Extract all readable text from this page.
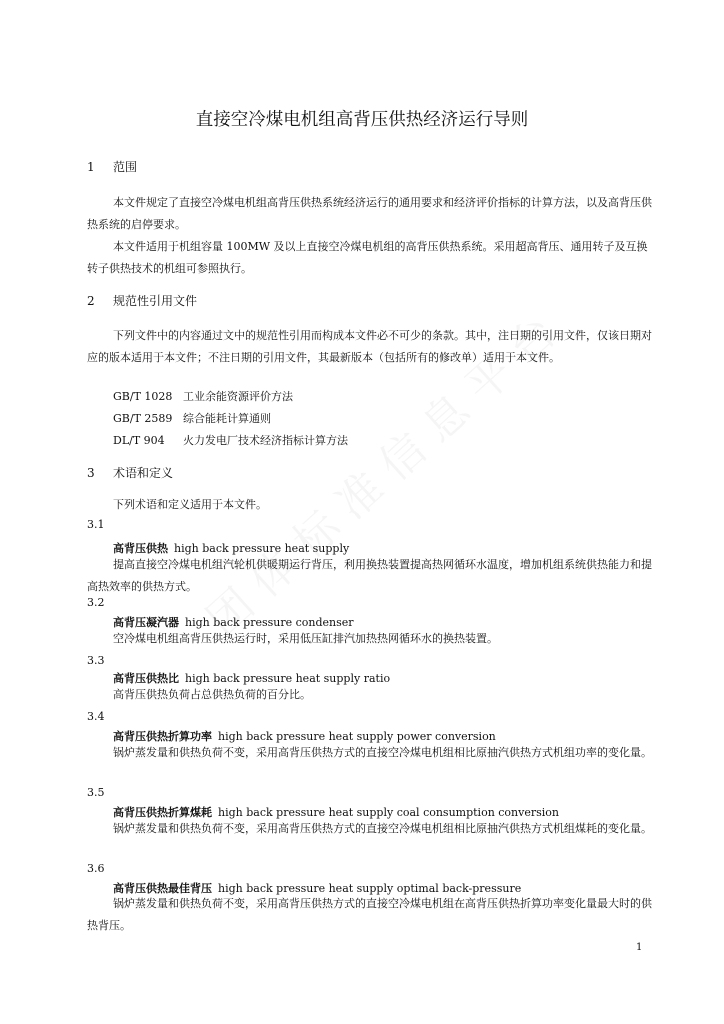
直接空冷煤电机组高背压供热经济运行导则
1 范围
本文件规定了直接空冷煤电机组高背压供热系统经济运行的通用要求和经济评价指标的计算方法，以及高背压供热系统的启停要求。
本文件适用于机组容量 100MW 及以上直接空冷煤电机组的高背压供热系统。采用超高背压、通用转子及互换转子供热技术的机组可参照执行。
2 规范性引用文件
下列文件中的内容通过文中的规范性引用而构成本文件必不可少的条款。其中，注日期的引用文件，仅该日期对应的版本适用于本文件；不注日期的引用文件，其最新版本（包括所有的修改单）适用于本文件。
GB/T 1028 工业余能资源评价方法
GB/T 2589 综合能耗计算通则
DL/T 904 火力发电厂技术经济指标计算方法
3 术语和定义
下列术语和定义适用于本文件。
3.1
高背压供热 high back pressure heat supply
提高直接空冷煤电机组汽轮机供暖期运行背压，利用换热装置提高热网循环水温度，增加机组系统供热能力和提高热效率的供热方式。
3.2
高背压凝汽器 high back pressure condenser
空冷煤电机组高背压供热运行时，采用低压缸排汽加热热网循环水的换热装置。
3.3
高背压供热比 high back pressure heat supply ratio
高背压供热负荷占总供热负荷的百分比。
3.4
高背压供热折算功率 high back pressure heat supply power conversion
锅炉蒸发量和供热负荷不变，采用高背压供热方式的直接空冷煤电机组相比原抽汽供热方式机组功率的变化量。
3.5
高背压供热折算煤耗 high back pressure heat supply coal consumption conversion
锅炉蒸发量和供热负荷不变，采用高背压供热方式的直接空冷煤电机组相比原抽汽供热方式机组煤耗的变化量。
3.6
高背压供热最佳背压 high back pressure heat supply optimal back-pressure
锅炉蒸发量和供热负荷不变，采用高背压供热方式的直接空冷煤电机组在高背压供热折算功率变化量最大时的供热背压。
1
